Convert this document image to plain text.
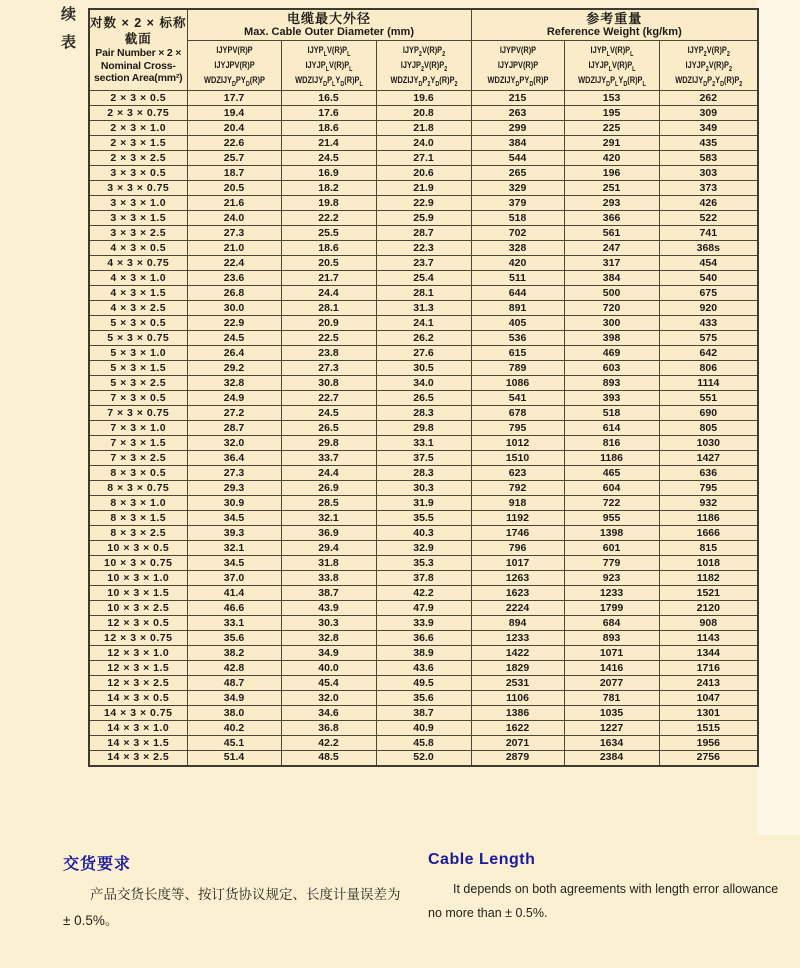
续表 对数 × 2 × 标称
截面
Pair Number × 2 ×
Nominal Cross-
section Area(mm²)	电缆最大外径
Max. Cable Outer Diameter (mm)			参考重量
Reference Weight (kg/km)		

	IJYPV(R)P
IJYJPV(R)P
$WDZIJY_DPY_D(R)P$	$IJYP_LV(R)P_L$
$IJYJP_LV(R)P_L$
$WDZIJY_DP_LY_D(R)P_L$	$IJYP_2V(R)P_2$
$IJYJP_2V(R)P_2$
$WDZIJY_DP_2Y_D(R)P_2$	IJYPV(R)P
IJYJPV(R)P
$WDZIJY_DPY_D(R)P$	$IJYP_LV(R)P_L$
$IJYJP_LV(R)P_L$
$WDZIJY_DP_LY_D(R)P_L$	$IJYP_2V(R)P_2$
$IJYJP_2V(R)P_2$
$WDZIJY_DP_2Y_D(R)P_2$

2 × 3 × 0.5	17.7	16.5	19.6	215	153	262
2 × 3 × 0.75	19.4	17.6	20.8	263	195	309
2 × 3 × 1.0	20.4	18.6	21.8	299	225	349
2 × 3 × 1.5	22.6	21.4	24.0	384	291	435
2 × 3 × 2.5	25.7	24.5	27.1	544	420	583
3 × 3 × 0.5	18.7	16.9	20.6	265	196	303
3 × 3 × 0.75	20.5	18.2	21.9	329	251	373
3 × 3 × 1.0	21.6	19.8	22.9	379	293	426
3 × 3 × 1.5	24.0	22.2	25.9	518	366	522
3 × 3 × 2.5	27.3	25.5	28.7	702	561	741
4 × 3 × 0.5	21.0	18.6	22.3	328	247	368s
4 × 3 × 0.75	22.4	20.5	23.7	420	317	454
4 × 3 × 1.0	23.6	21.7	25.4	511	384	540
4 × 3 × 1.5	26.8	24.4	28.1	644	500	675
4 × 3 × 2.5	30.0	28.1	31.3	891	720	920
5 × 3 × 0.5	22.9	20.9	24.1	405	300	433
5 × 3 × 0.75	24.5	22.5	26.2	536	398	575
5 × 3 × 1.0	26.4	23.8	27.6	615	469	642
5 × 3 × 1.5	29.2	27.3	30.5	789	603	806
5 × 3 × 2.5	32.8	30.8	34.0	1086	893	1114
7 × 3 × 0.5	24.9	22.7	26.5	541	393	551
7 × 3 × 0.75	27.2	24.5	28.3	678	518	690
7 × 3 × 1.0	28.7	26.5	29.8	795	614	805
7 × 3 × 1.5	32.0	29.8	33.1	1012	816	1030
7 × 3 × 2.5	36.4	33.7	37.5	1510	1186	1427
8 × 3 × 0.5	27.3	24.4	28.3	623	465	636
8 × 3 × 0.75	29.3	26.9	30.3	792	604	795
8 × 3 × 1.0	30.9	28.5	31.9	918	722	932
8 × 3 × 1.5	34.5	32.1	35.5	1192	955	1186
8 × 3 × 2.5	39.3	36.9	40.3	1746	1398	1666
10 × 3 × 0.5	32.1	29.4	32.9	796	601	815
10 × 3 × 0.75	34.5	31.8	35.3	1017	779	1018
10 × 3 × 1.0	37.0	33.8	37.8	1263	923	1182
10 × 3 × 1.5	41.4	38.7	42.2	1623	1233	1521
10 × 3 × 2.5	46.6	43.9	47.9	2224	1799	2120
12 × 3 × 0.5	33.1	30.3	33.9	894	684	908
12 × 3 × 0.75	35.6	32.8	36.6	1233	893	1143
12 × 3 × 1.0	38.2	34.9	38.9	1422	1071	1344
12 × 3 × 1.5	42.8	40.0	43.6	1829	1416	1716
12 × 3 × 2.5	48.7	45.4	49.5	2531	2077	2413
14 × 3 × 0.5	34.9	32.0	35.6	1106	781	1047
14 × 3 × 0.75	38.0	34.6	38.7	1386	1035	1301
14 × 3 × 1.0	40.2	36.8	40.9	1622	1227	1515
14 × 3 × 1.5	45.1	42.2	45.8	2071	1634	1956
14 × 3 × 2.5	51.4	48.5	52.0	2879	2384	2756
交货要求
产品交货长度等、按订货协议规定、长度计量误差为 ± 0.5%。
Cable Length
It depends on both agreements with length error allowance no more than ± 0.5%.
